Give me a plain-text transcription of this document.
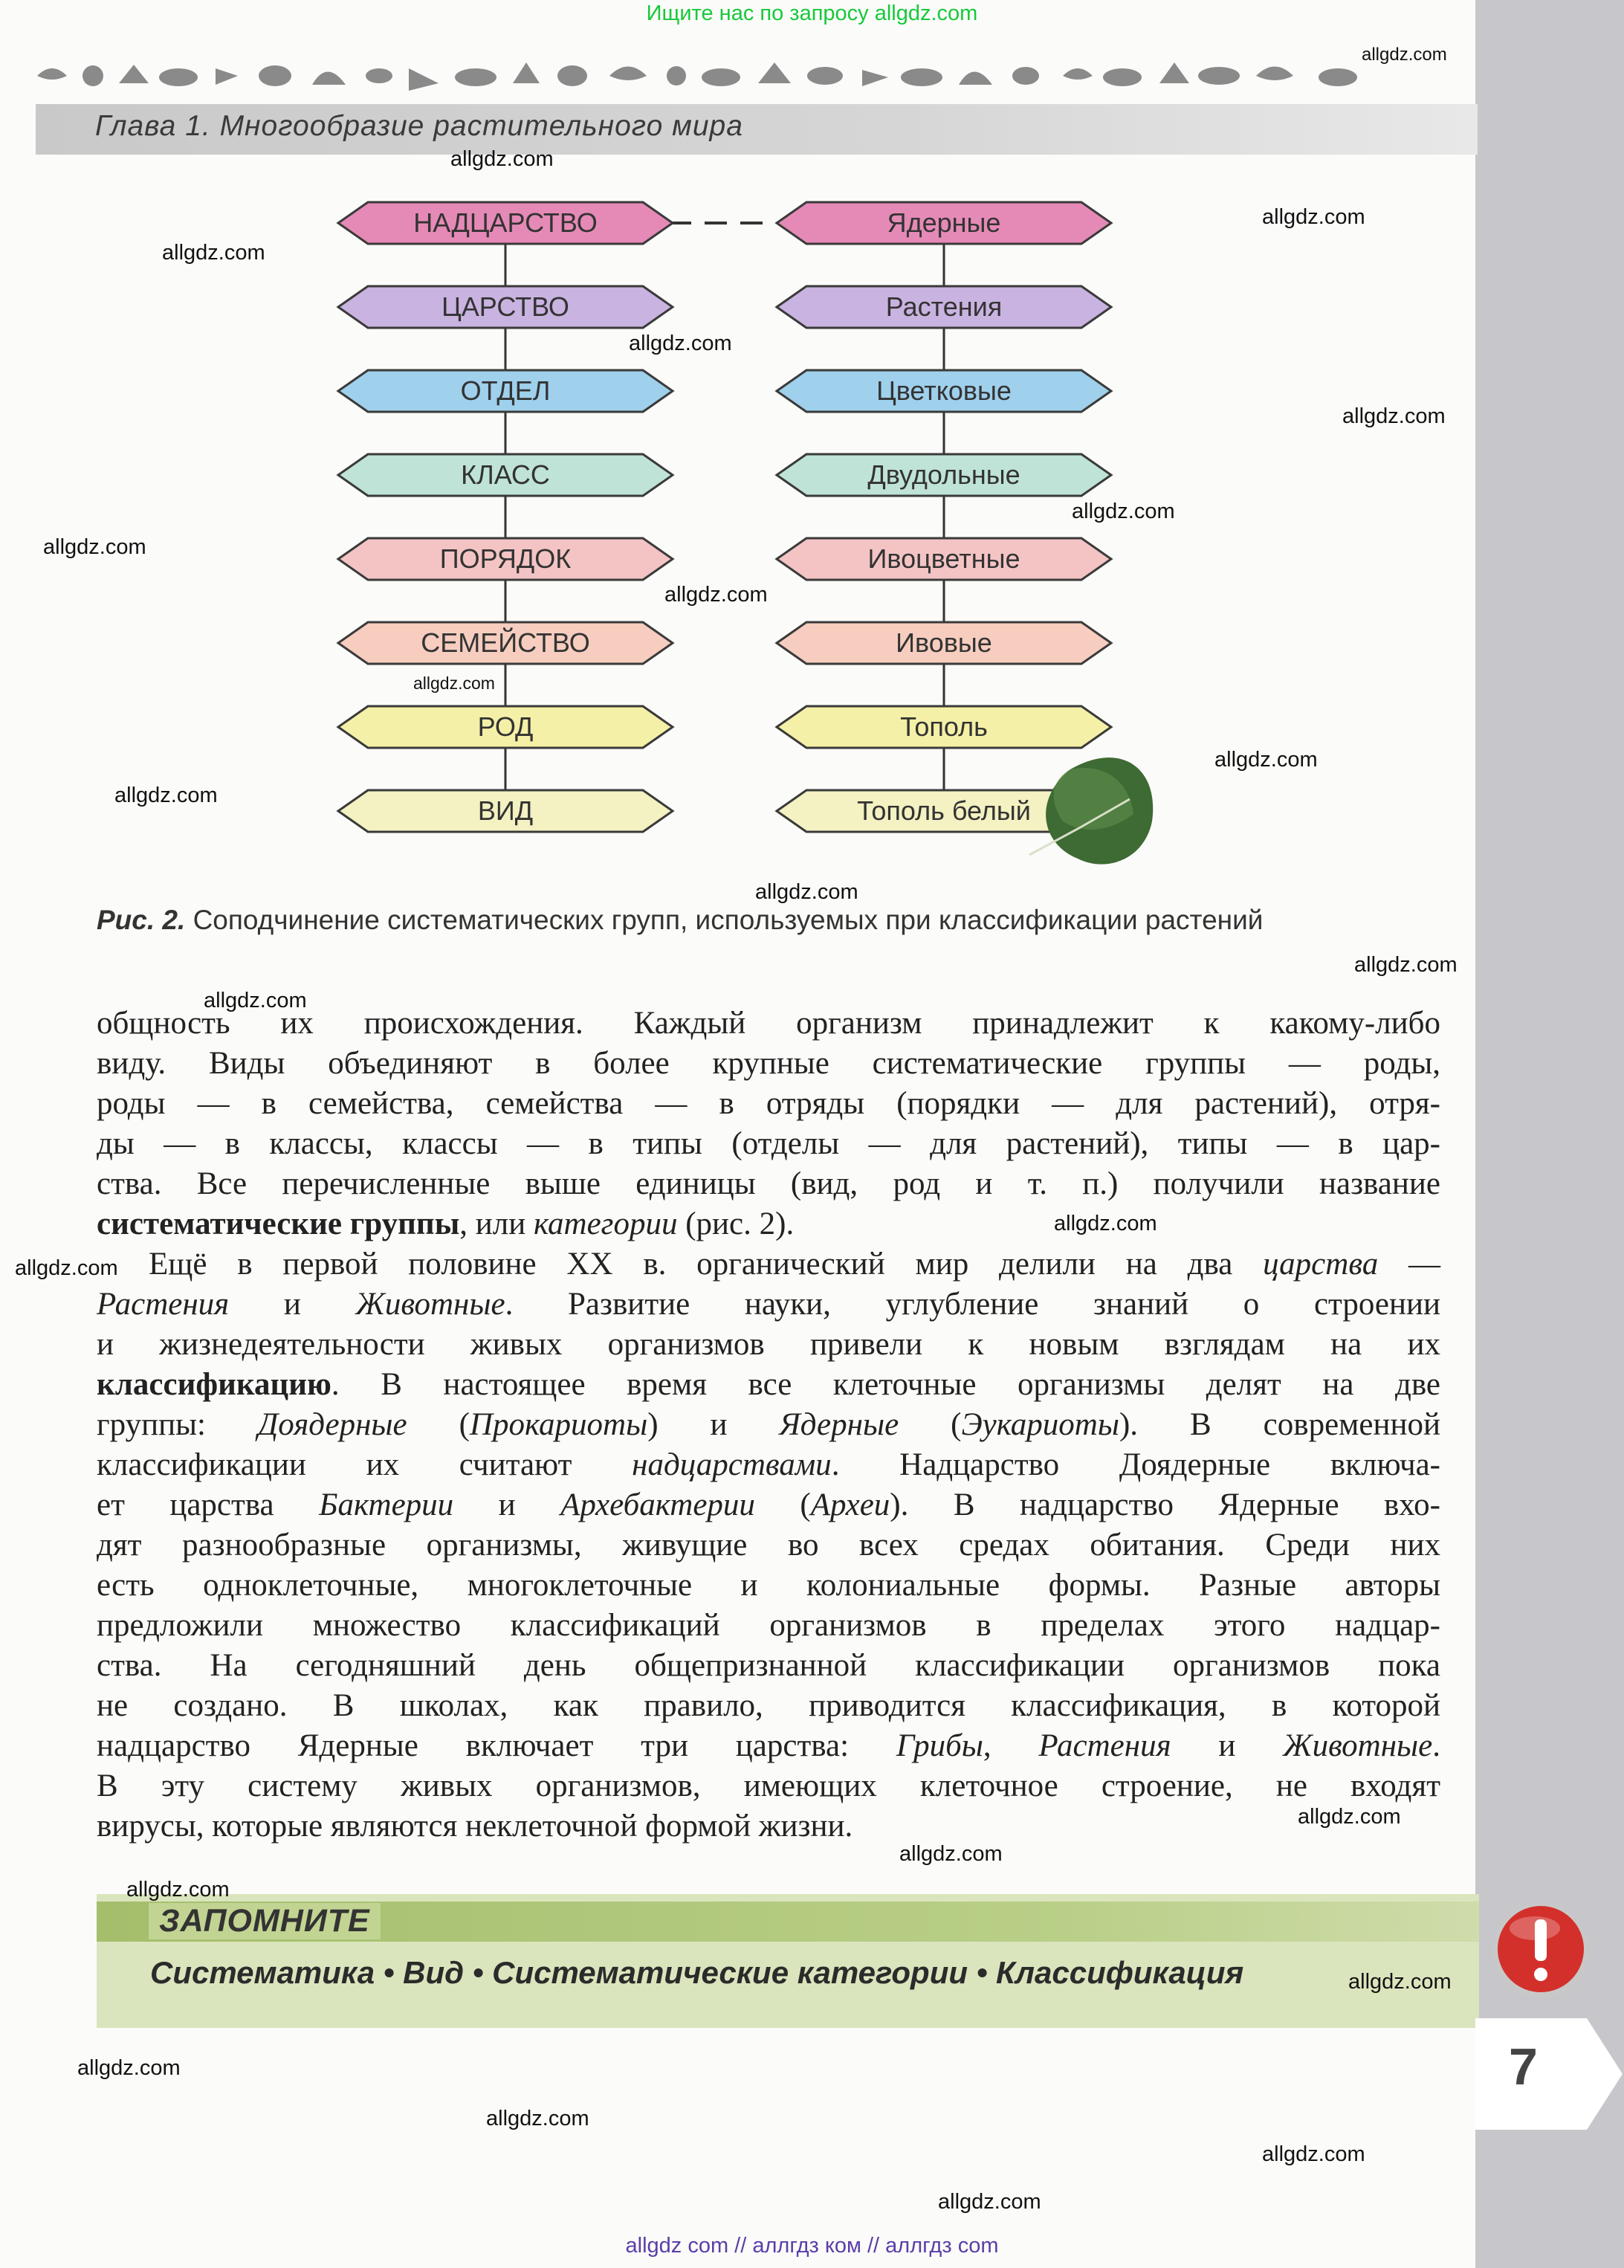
Ищите нас по запросу allgdz.com
Глава 1. Многообразие растительного мира
НАДЦАРСТВО
ЦАРСТВО
ОТДЕЛ
КЛАСС
ПОРЯДОК
СЕМЕЙСТВО
РОД
ВИД
Ядерные
Растения
Цветковые
Двудольные
Ивоцветные
Ивовые
Тополь
Тополь белый
Рис. 2. Соподчинение систематических групп, используемых при классификации растений
общность их происхождения. Каждый организм принадлежит к какому-либо
виду. Виды объединяют в более крупные систематические группы — роды,
роды — в семейства, семейства — в отряды (порядки — для растений), отря-
ды — в классы, классы — в типы (отделы — для растений), типы — в цар-
ства. Все перечисленные выше единицы (вид, род и т. п.) получили название
систематические группы, или категории (рис. 2).
Ещё в первой половине XX в. органический мир делили на два царства —
Растения и Животные. Развитие науки, углубление знаний о строении
и жизнедеятельности живых организмов привели к новым взглядам на их
классификацию. В настоящее время все клеточные организмы делят на две
группы: Доядерные (Прокариоты) и Ядерные (Эукариоты). В современной
классификации их считают надцарствами. Надцарство Доядерные включа-
ет царства Бактерии и Архебактерии (Археи). В надцарство Ядерные вхо-
дят разнообразные организмы, живущие во всех средах обитания. Среди них
есть одноклеточные, многоклеточные и колониальные формы. Разные авторы
предложили множество классификаций организмов в пределах этого надцар-
ства. На сегодняшний день общепризнанной классификации организмов пока
не создано. В школах, как правило, приводится классификация, в которой
надцарство Ядерные включает три царства: Грибы, Растения и Животные.
В эту систему живых организмов, имеющих клеточное строение, не входят
вирусы, которые являются неклеточной формой жизни.
ЗАПОМНИТЕ
Систематика • Вид • Систематические категории • Классификация
7
allgdz.com
allgdz.com
allgdz.com
allgdz.com
allgdz.com
allgdz.com
allgdz.com
allgdz.com
allgdz.com
allgdz.com
allgdz.com
allgdz.com
allgdz.com
allgdz.com
allgdz.com
allgdz.com
allgdz.com
allgdz.com
allgdz.com
allgdz.com
allgdz.com
allgdz.com
allgdz.com
allgdz.com
allgdz.com
allgdz com // аллгдз ком // аллгдз com
